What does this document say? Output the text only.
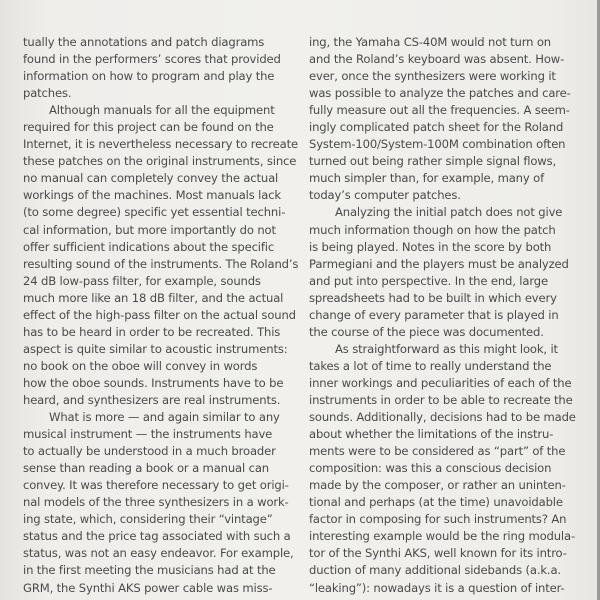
tually the annotations and patch diagrams
found in the performers’ scores that provided
information on how to program and play the
patches.
Although manuals for all the equipment
required for this project can be found on the
Internet, it is nevertheless necessary to recreate
these patches on the original instruments, since
no manual can completely convey the actual
workings of the machines. Most manuals lack
(to some degree) specific yet essential techni-
cal information, but more importantly do not
offer sufficient indications about the specific
resulting sound of the instruments. The Roland’s
24 dB low-pass filter, for example, sounds
much more like an 18 dB filter, and the actual
effect of the high-pass filter on the actual sound
has to be heard in order to be recreated. This
aspect is quite similar to acoustic instruments:
no book on the oboe will convey in words
how the oboe sounds. Instruments have to be
heard, and synthesizers are real instruments.
What is more — and again similar to any
musical instrument — the instruments have
to actually be understood in a much broader
sense than reading a book or a manual can
convey. It was therefore necessary to get origi-
nal models of the three synthesizers in a work-
ing state, which, considering their “vintage”
status and the price tag associated with such a
status, was not an easy endeavor. For example,
in the first meeting the musicians had at the
GRM, the Synthi AKS power cable was miss-
ing, the Yamaha CS-40M would not turn on
and the Roland’s keyboard was absent. How-
ever, once the synthesizers were working it
was possible to analyze the patches and care-
fully measure out all the frequencies. A seem-
ingly complicated patch sheet for the Roland
System-100/System-100M combination often
turned out being rather simple signal flows,
much simpler than, for example, many of
today’s computer patches.
Analyzing the initial patch does not give
much information though on how the patch
is being played. Notes in the score by both
Parmegiani and the players must be analyzed
and put into perspective. In the end, large
spreadsheets had to be built in which every
change of every parameter that is played in
the course of the piece was documented.
As straightforward as this might look, it
takes a lot of time to really understand the
inner workings and peculiarities of each of the
instruments in order to be able to recreate the
sounds. Additionally, decisions had to be made
about whether the limitations of the instru-
ments were to be considered as “part” of the
composition: was this a conscious decision
made by the composer, or rather an uninten-
tional and perhaps (at the time) unavoidable
factor in composing for such instruments? An
interesting example would be the ring modula-
tor of the Synthi AKS, well known for its intro-
duction of many additional sidebands (a.k.a.
“leaking”): nowadays it is a question of inter-
